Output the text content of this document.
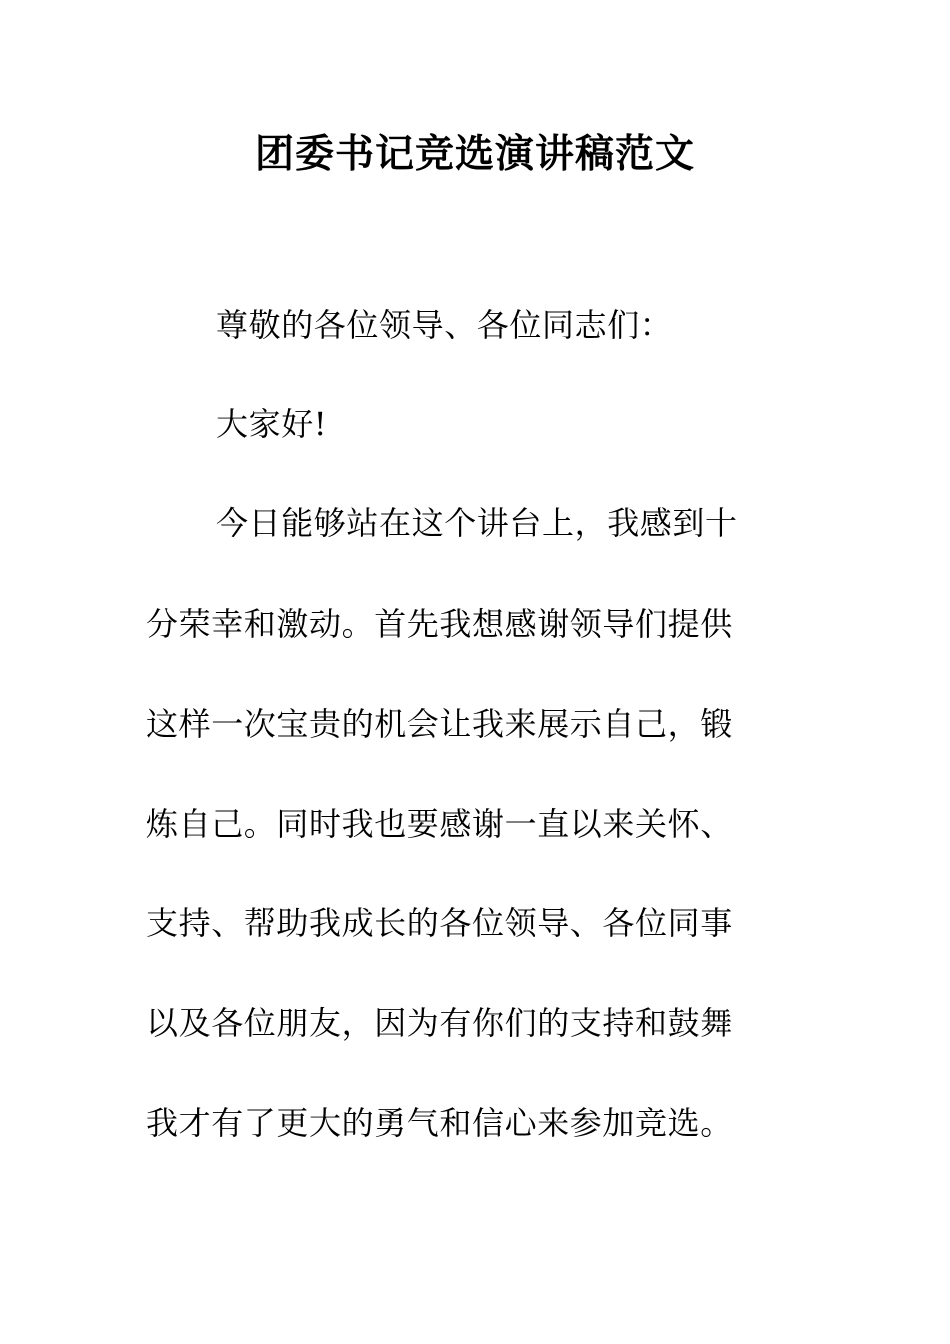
团委书记竞选演讲稿范文
尊敬的各位领导、各位同志们：
大家好!
今日能够站在这个讲台上，我感到十
分荣幸和激动。首先我想感谢领导们提供
这样一次宝贵的机会让我来展示自己，锻
炼自己。同时我也要感谢一直以来关怀、
支持、帮助我成长的各位领导、各位同事
以及各位朋友，因为有你们的支持和鼓舞
我才有了更大的勇气和信心来参加竞选。
